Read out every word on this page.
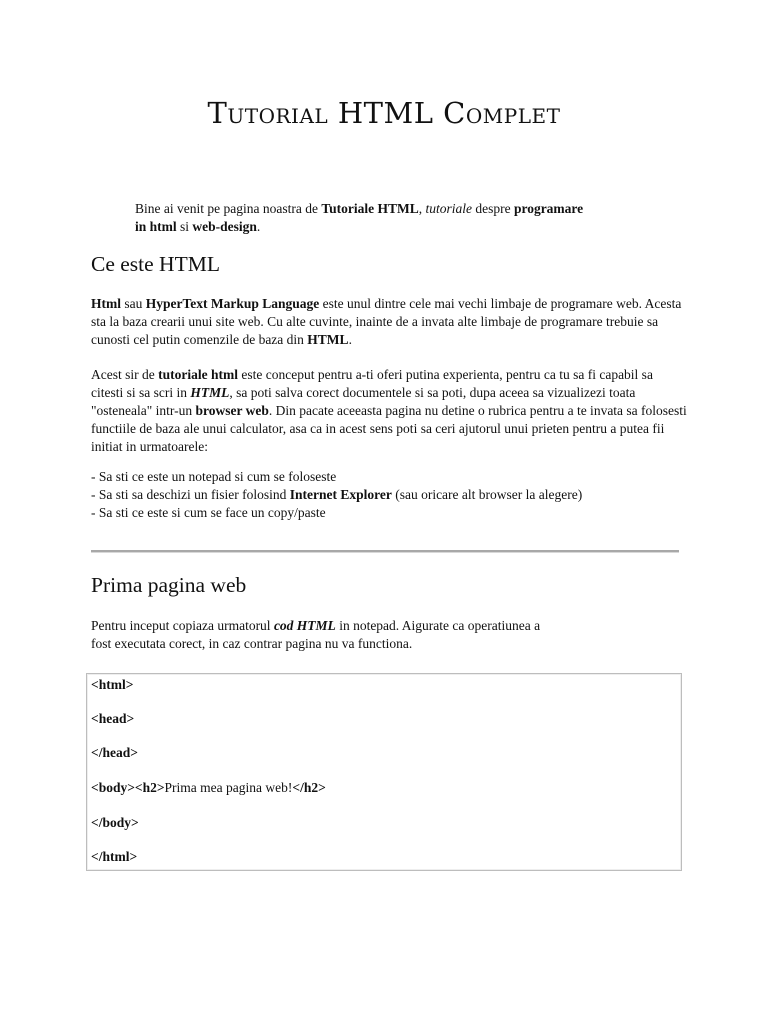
Tutorial HTML Complet
Bine ai venit pe pagina noastra de Tutoriale HTML, tutoriale despre programare
in html si web-design.
Ce este HTML

Html sau HyperText Markup Language este unul dintre cele mai vechi limbaje de programare web. Acesta sta la baza crearii unui site web. Cu alte cuvinte, inainte de a invata alte limbaje de programare trebuie sa cunosti cel putin comenzile de baza din HTML.

Acest sir de tutoriale html este conceput pentru a-ti oferi putina experienta, pentru ca tu sa fi capabil sa citesti si sa scri in HTML, sa poti salva corect documentele si sa poti, dupa aceea sa vizualizezi toata "osteneala" intr-un browser web. Din pacate aceeasta pagina nu detine o rubrica pentru a te invata sa folosesti functiile de baza ale unui calculator, asa ca in acest sens poti sa ceri ajutorul unui prieten pentru a putea fii initiat in urmatoarele:

- Sa sti ce este un notepad si cum se foloseste
- Sa sti sa deschizi un fisier folosind Internet Explorer (sau oricare alt browser la alegere)
- Sa sti ce este si cum se face un copy/paste

Prima pagina web

Pentru inceput copiaza urmatorul cod HTML in notepad. Aigurate ca operatiunea a
fost executata corect, in caz contrar pagina nu va functiona.

<html>
<head>
</head>
<body><h2>Prima mea pagina web!</h2>
</body>
</html>
